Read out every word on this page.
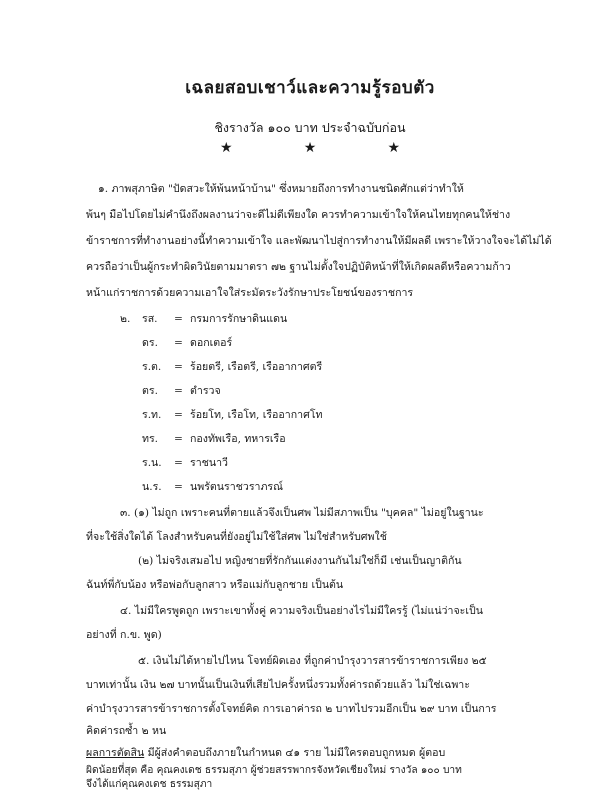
เฉลยสอบเชาว์และความรู้รอบตัว
ชิงรางวัล ๑๐๐ บาท ประจำฉบับก่อน
★	★	★
๑. ภาพสุภาษิต "ปัดสวะให้พ้นหน้าบ้าน" ซึ่งหมายถึงการทำงานชนิดศักแต่ว่าทำให้
พ้นๆ มือไปโดยไม่คำนึงถึงผลงานว่าจะดีไม่ดีเพียงใด ควรทำความเข้าใจให้คนไทยทุกคนให้ช่าง
ข้าราชการที่ทำงานอย่างนี้ทำความเข้าใจ และพัฒนาไปสู่การทำงานให้มีผลดี เพราะให้วางใจจะได้ไม่ได้
ควรถือว่าเป็นผู้กระทำผิดวินัยตามมาตรา ๗๒ ฐานไม่ตั้งใจปฏิบัติหน้าที่ให้เกิดผลดีหรือความก้าว
หน้าแก่ราชการด้วยความเอาใจใส่ระมัดระวังรักษาประโยชน์ของราชการ
๒. รส. = กรมการรักษาดินแดน
ดร. = ดอกเตอร์
ร.ต. = ร้อยตรี, เรือตรี, เรืออากาศตรี
ตร. = ตำรวจ
ร.ท. = ร้อยโท, เรือโท, เรืออากาศโท
ทร. = กองทัพเรือ, ทหารเรือ
ร.น. = ราชนาวี
น.ร. = นพรัตนราชวราภรณ์
๓. (๑) ไม่ถูก เพราะคนที่ตายแล้วจึงเป็นศพ ไม่มีสภาพเป็น "บุคคล" ไม่อยู่ในฐานะ
ที่จะใช้สิ่งใดได้ โลงสำหรับคนที่ยังอยู่ไม่ใช้ใส่ศพ ไม่ใช่สำหรับศพใช้
(๒) ไม่จริงเสมอไป หญิงชายที่รักกันแต่งงานกันไม่ใช่ก็มี เช่นเป็นญาติกัน
ฉันท์พี่กับน้อง หรือพ่อกับลูกสาว หรือแม่กับลูกชาย เป็นต้น
๔. ไม่มีใครพูดถูก เพราะเขาทั้งคู่ ความจริงเป็นอย่างไรไม่มีใครรู้ (ไม่แน่ว่าจะเป็น
อย่างที่ ก.ข. พูด)
๕. เงินไม่ได้หายไปไหน โจทย์ผิดเอง ที่ถูกค่าบำรุงวารสารข้าราชการเพียง ๒๕
บาทเท่านั้น เงิน ๒๗ บาทนั้นเป็นเงินที่เสียไปครั้งหนึ่งรวมทั้งค่ารถด้วยแล้ว ไม่ใช่เฉพาะ
ค่าบำรุงวารสารข้าราชการตั้งโจทย์คิด การเอาค่ารถ ๒ บาทไปรวมอีกเป็น ๒๙ บาท เป็นการ
คิดค่ารถซ้ำ ๒ หน
ผลการตัดสิน มีผู้ส่งคำตอบถึงภายในกำหนด ๔๑ ราย ไม่มีใครตอบถูกหมด ผู้ตอบ
ผิดน้อยที่สุด คือ คุณคงเดช ธรรมสุภา ผู้ช่วยสรรพากรจังหวัดเชียงใหม่ รางวัล ๑๐๐ บาท
จึงได้แก่คุณคงเดช ธรรมสุภา
